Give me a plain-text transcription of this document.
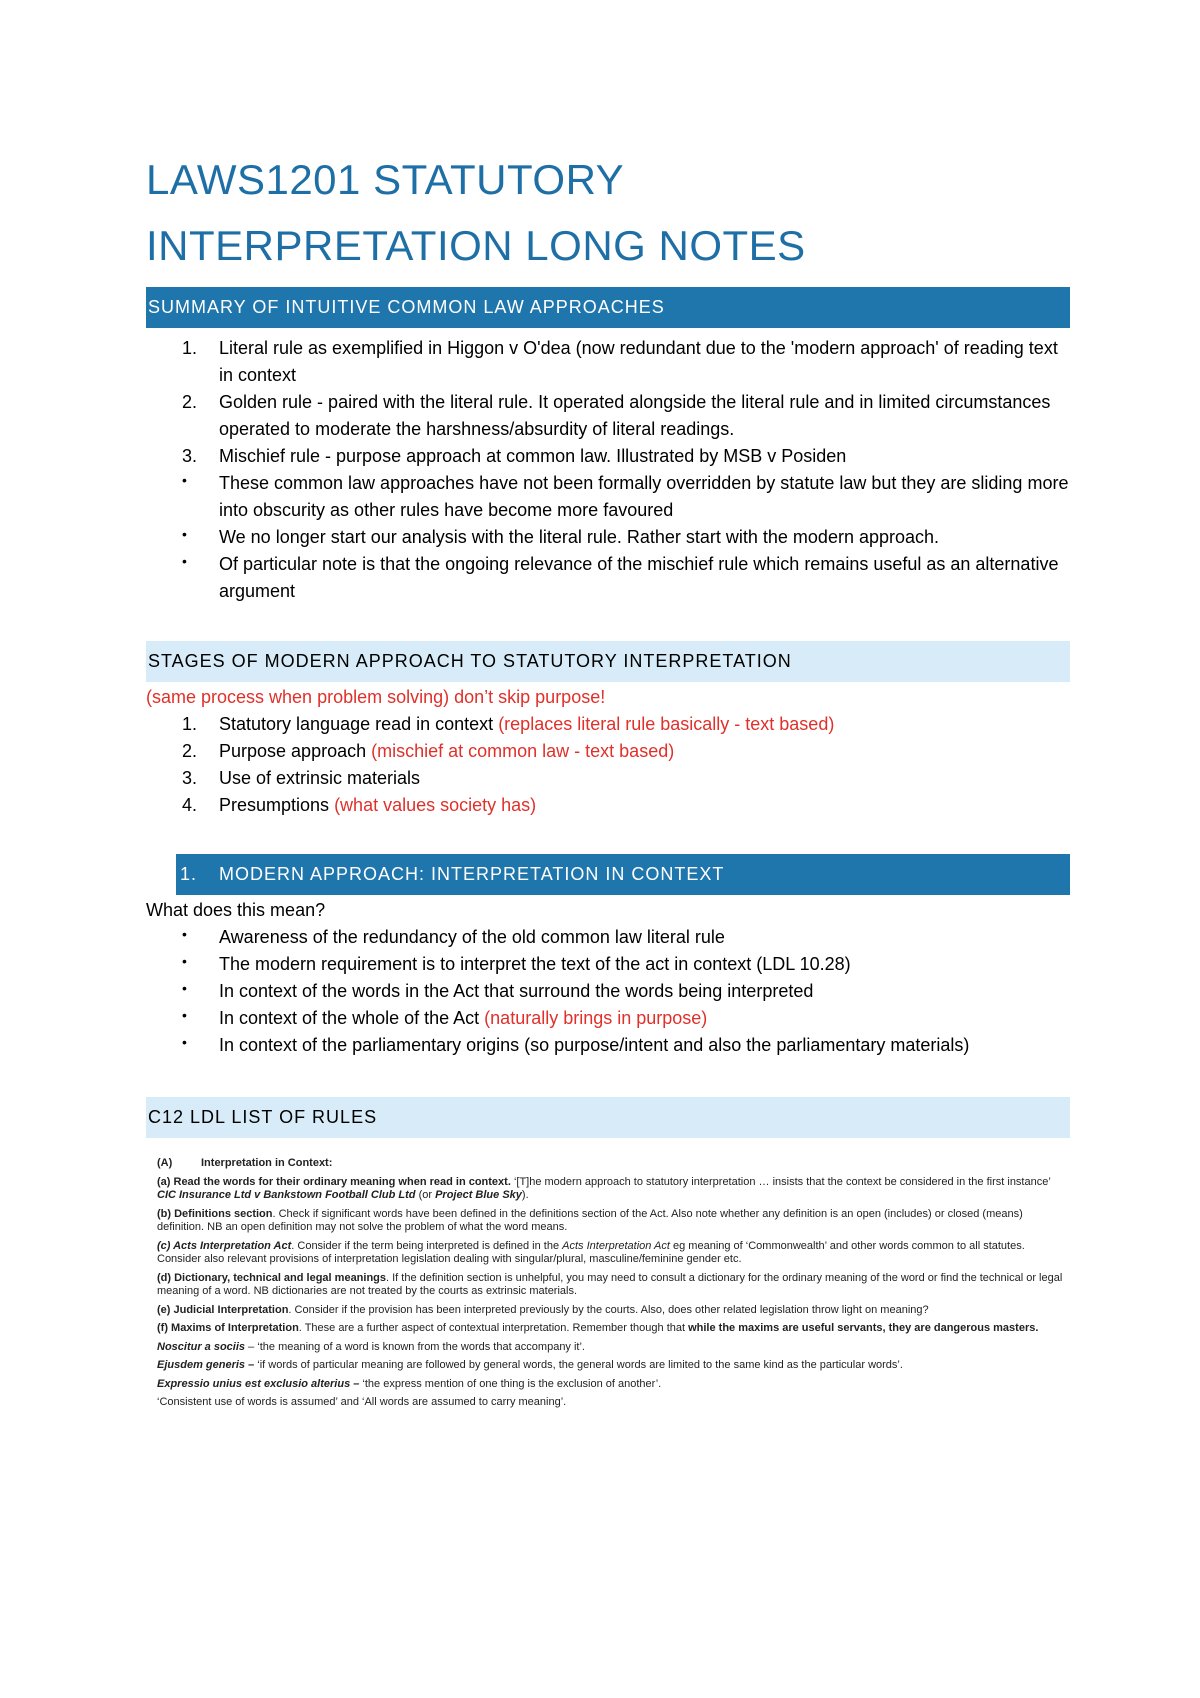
LAWS1201 STATUTORY
INTERPRETATION LONG NOTES
SUMMARY OF INTUITIVE COMMON LAW APPROACHES
1.	Literal rule as exemplified in Higgon v O'dea (now redundant due to the 'modern approach' of reading text in context
2.	Golden rule - paired with the literal rule. It operated alongside the literal rule and in limited circumstances operated to moderate the harshness/absurdity of literal readings.
3.	Mischief rule - purpose approach at common law. Illustrated by MSB v Posiden
•	These common law approaches have not been formally overridden by statute law but they are sliding more into obscurity as other rules have become more favoured
•	We no longer start our analysis with the literal rule. Rather start with the modern approach.
•	Of particular note is that the ongoing relevance of the mischief rule which remains useful as an alternative argument
STAGES OF MODERN APPROACH TO STATUTORY INTERPRETATION

(same process when problem solving) don’t skip purpose!

1.	Statutory language read in context (replaces literal rule basically - text based)
2.	Purpose approach (mischief at common law - text based)
3.	Use of extrinsic materials
4.	Presumptions (what values society has)
1. MODERN APPROACH: INTERPRETATION IN CONTEXT

What does this mean?

•	Awareness of the redundancy of the old common law literal rule
•	The modern requirement is to interpret the text of the act in context (LDL 10.28)
•	In context of the words in the Act that surround the words being interpreted
•	In context of the whole of the Act (naturally brings in purpose)
•	In context of the parliamentary origins (so purpose/intent and also the parliamentary materials)
C12 LDL LIST OF RULES

(A)	Interpretation in Context:

(a) Read the words for their ordinary meaning when read in context. ‘[T]he modern approach to statutory interpretation … insists that the context be considered in the first instance’ CIC Insurance Ltd v Bankstown Football Club Ltd (or Project Blue Sky).

(b) Definitions section. Check if significant words have been defined in the definitions section of the Act. Also note whether any definition is an open (includes) or closed (means) definition. NB an open definition may not solve the problem of what the word means.

(c) Acts Interpretation Act. Consider if the term being interpreted is defined in the Acts Interpretation Act eg meaning of ‘Commonwealth’ and other words common to all statutes. Consider also relevant provisions of interpretation legislation dealing with singular/plural, masculine/feminine gender etc.

(d) Dictionary, technical and legal meanings. If the definition section is unhelpful, you may need to consult a dictionary for the ordinary meaning of the word or find the technical or legal meaning of a word. NB dictionaries are not treated by the courts as extrinsic materials.

(e) Judicial Interpretation. Consider if the provision has been interpreted previously by the courts. Also, does other related legislation throw light on meaning?

(f) Maxims of Interpretation. These are a further aspect of contextual interpretation. Remember though that while the maxims are useful servants, they are dangerous masters.

Noscitur a sociis – ‘the meaning of a word is known from the words that accompany it’.

Ejusdem generis – ‘if words of particular meaning are followed by general words, the general words are limited to the same kind as the particular words’.

Expressio unius est exclusio alterius – ‘the express mention of one thing is the exclusion of another’.

‘Consistent use of words is assumed’ and ‘All words are assumed to carry meaning’.
